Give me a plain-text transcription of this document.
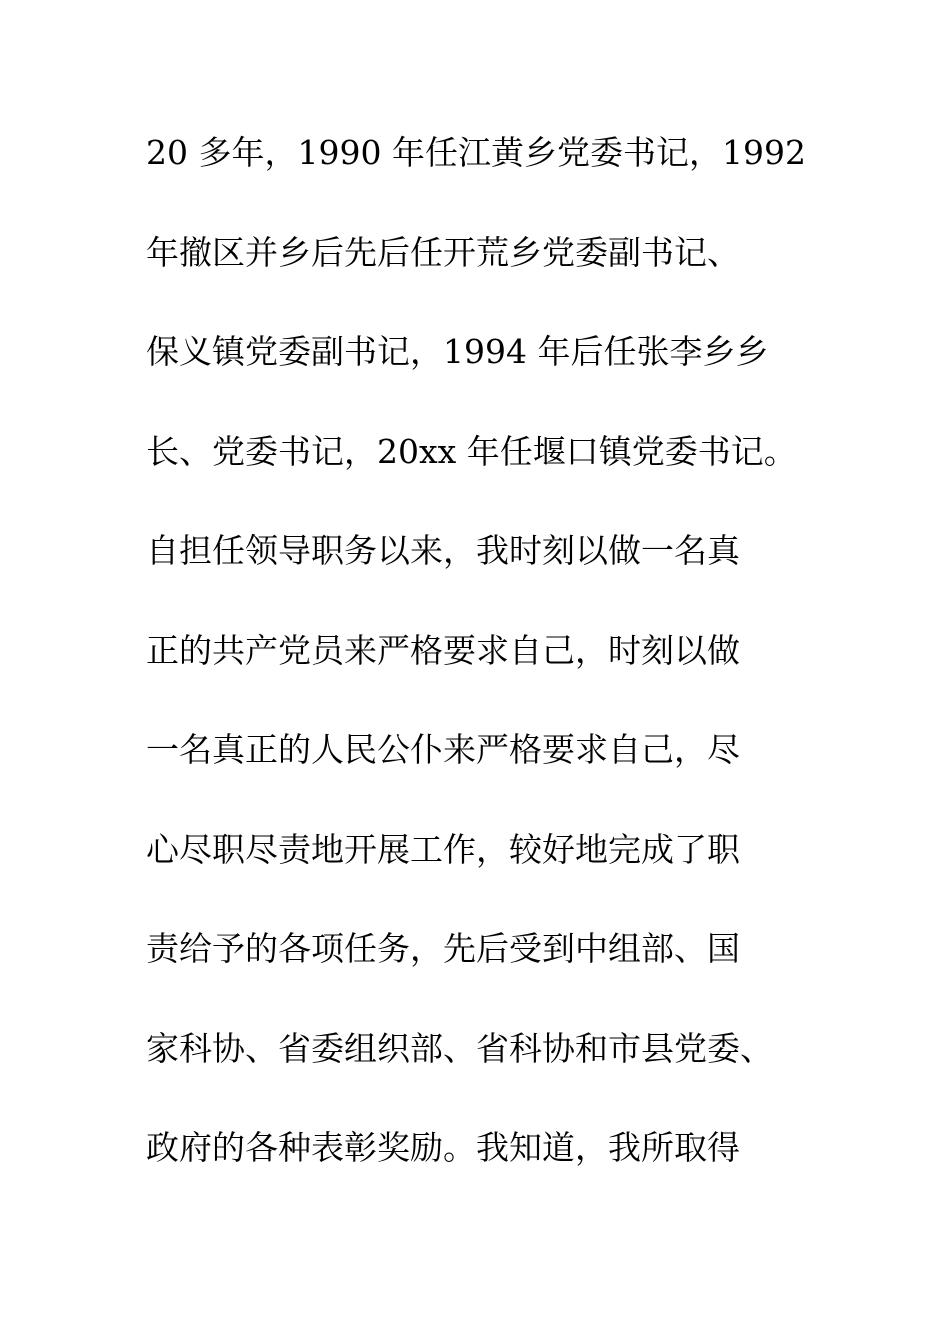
20 多年，1990 年任江黄乡党委书记，1992
年撤区并乡后先后任开荒乡党委副书记、
保义镇党委副书记，1994 年后任张李乡乡
长、党委书记，20xx 年任堰口镇党委书记。
自担任领导职务以来，我时刻以做一名真
正的共产党员来严格要求自己，时刻以做
一名真正的人民公仆来严格要求自己，尽
心尽职尽责地开展工作，较好地完成了职
责给予的各项任务，先后受到中组部、国
家科协、省委组织部、省科协和市县党委、
政府的各种表彰奖励。我知道，我所取得
